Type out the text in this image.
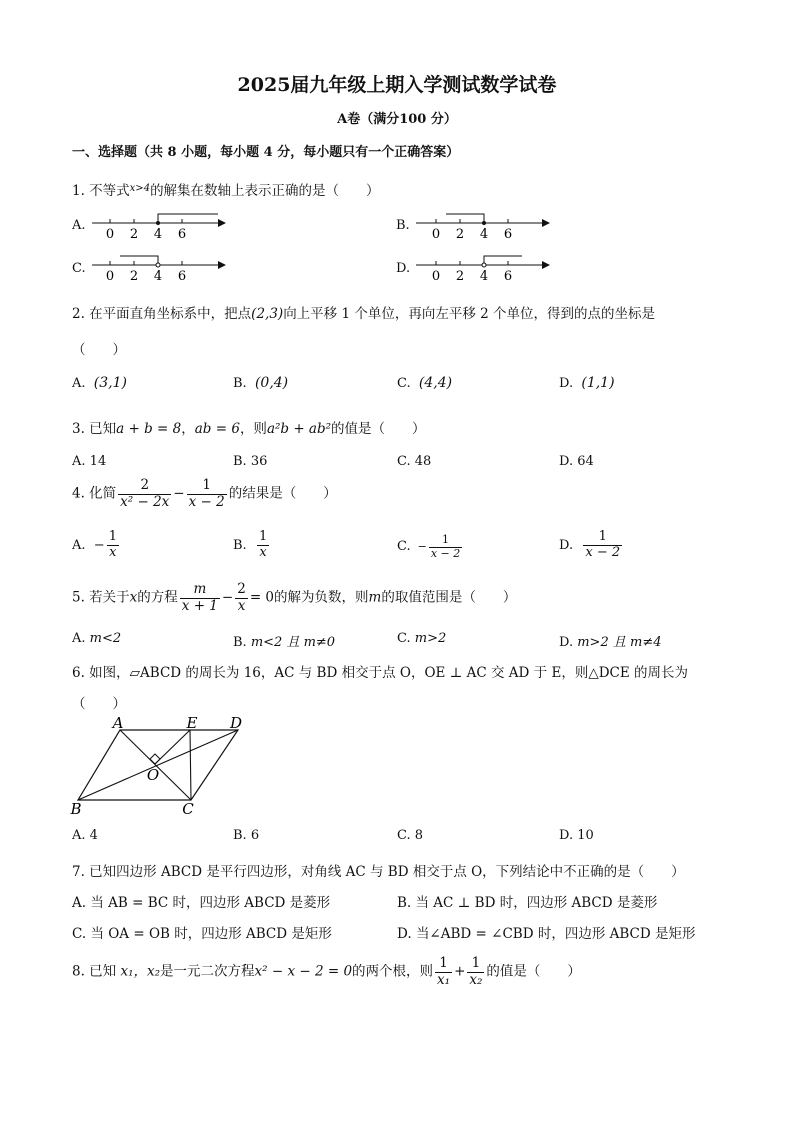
2025届九年级上期入学测试数学试卷
A卷（满分100 分）
一、选择题（共 8 小题，每小题 4 分，每小题只有一个正确答案）
1. 不等式$^{x>4}$的解集在数轴上表示正确的是（　　）
A.
0 2 4 6
B.
0 2 4 6
C.
0 2 4 6
D.
0 2 4 6
2. 在平面直角坐标系中，把点(2,3)向上平移 1 个单位，再向左平移 2 个单位，得到的点的坐标是
（　　）
A. (3,1)	B. (0,4)	C. (4,4)	D. (1,1)
3. 已知a + b = 8，ab = 6，则a²b + ab²的值是（　　）
A. 14	B. 36	C. 48	D. 64
4. 化简 $\frac{2}{\text{x² − 2x}} - \frac{1}{x - 2}$ 的结果是（　　）
A. − $\frac{1}{x}$	B. $\frac{1}{x}$	C. − $\frac{1}{x - 2}$	D. $\frac{1}{x - 2}$
5. 若关于x的方程 $\frac{m}{x + 1} - \frac{2}{x} = 0$的解为负数，则m的取值范围是（　　）
A. m<2	B. m<2 且 m≠0	C. m>2	D. m>2 且 m≠4
6. 如图，▱ABCD 的周长为 16，AC 与 BD 相交于点 O，OE ⊥ AC 交 AD 于 E，则△DCE 的周长为
（　　）
A	E D
O
B	C
A. 4	B. 6	C. 8	D. 10
7. 已知四边形 ABCD 是平行四边形，对角线 AC 与 BD 相交于点 O，下列结论中不正确的是（　　）
A. 当 AB = BC 时，四边形 ABCD 是菱形	B. 当 AC ⊥ BD 时，四边形 ABCD 是菱形
C. 当 OA = OB 时，四边形 ABCD 是矩形	D. 当∠ABD = ∠CBD 时，四边形 ABCD 是矩形
8. 已知 x₁，x₂是一元二次方程x² − x − 2 = 0的两个根，则 $\frac{1}{\text{x₁}} + \frac{1}{\text{x₂}}$ 的值是（　　）
